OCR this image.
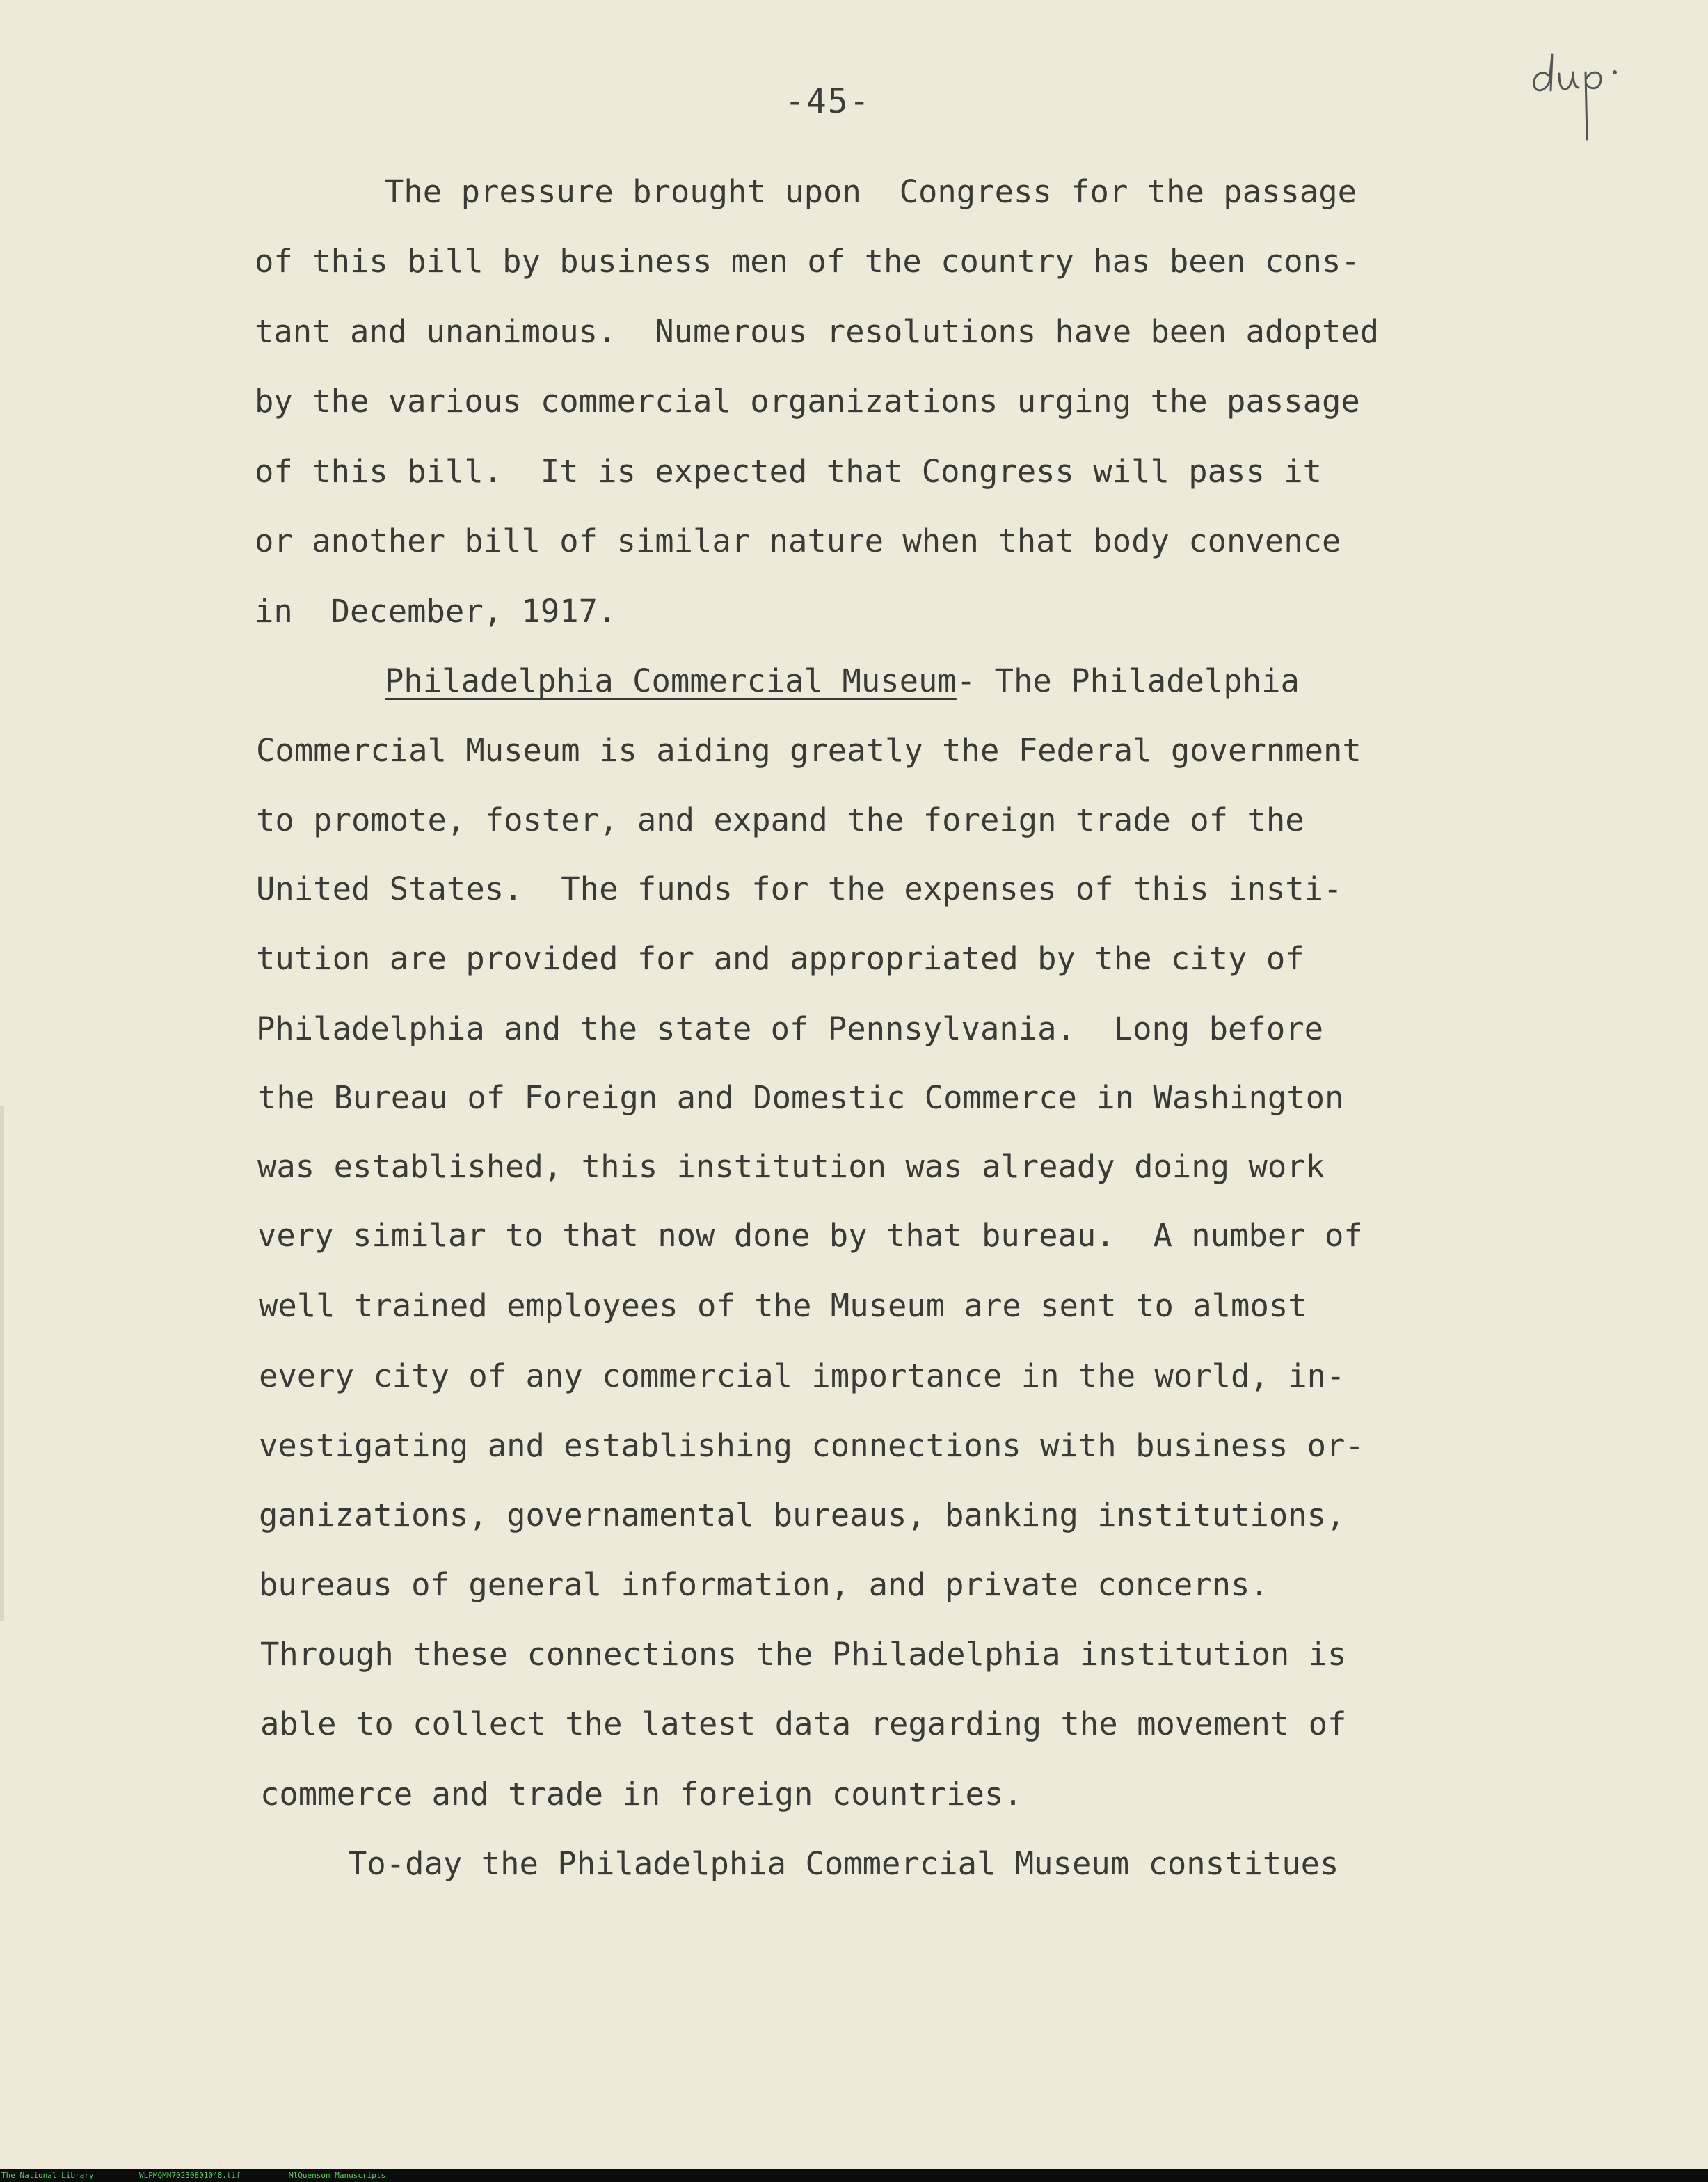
-45-
The pressure brought upon  Congress for the passage
of this bill by business men of the country has been cons-
tant and unanimous.  Numerous resolutions have been adopted
by the various commercial organizations urging the passage
of this bill.  It is expected that Congress will pass it
or another bill of similar nature when that body convence
in  December, 1917.
Philadelphia Commercial Museum- The Philadelphia
Commercial Museum is aiding greatly the Federal government
to promote, foster, and expand the foreign trade of the
United States.  The funds for the expenses of this insti-
tution are provided for and appropriated by the city of
Philadelphia and the state of Pennsylvania.  Long before
the Bureau of Foreign and Domestic Commerce in Washington
was established, this institution was already doing work
very similar to that now done by that bureau.  A number of
well trained employees of the Museum are sent to almost
every city of any commercial importance in the world, in-
vestigating and establishing connections with business or-
ganizations, governamental bureaus, banking institutions,
bureaus of general information, and private concerns.
Through these connections the Philadelphia institution is
able to collect the latest data regarding the movement of
commerce and trade in foreign countries.
To-day the Philadelphia Commercial Museum constitues
The National Library	WLPMQMN70230801048.tif	MlQuenson Manuscripts
